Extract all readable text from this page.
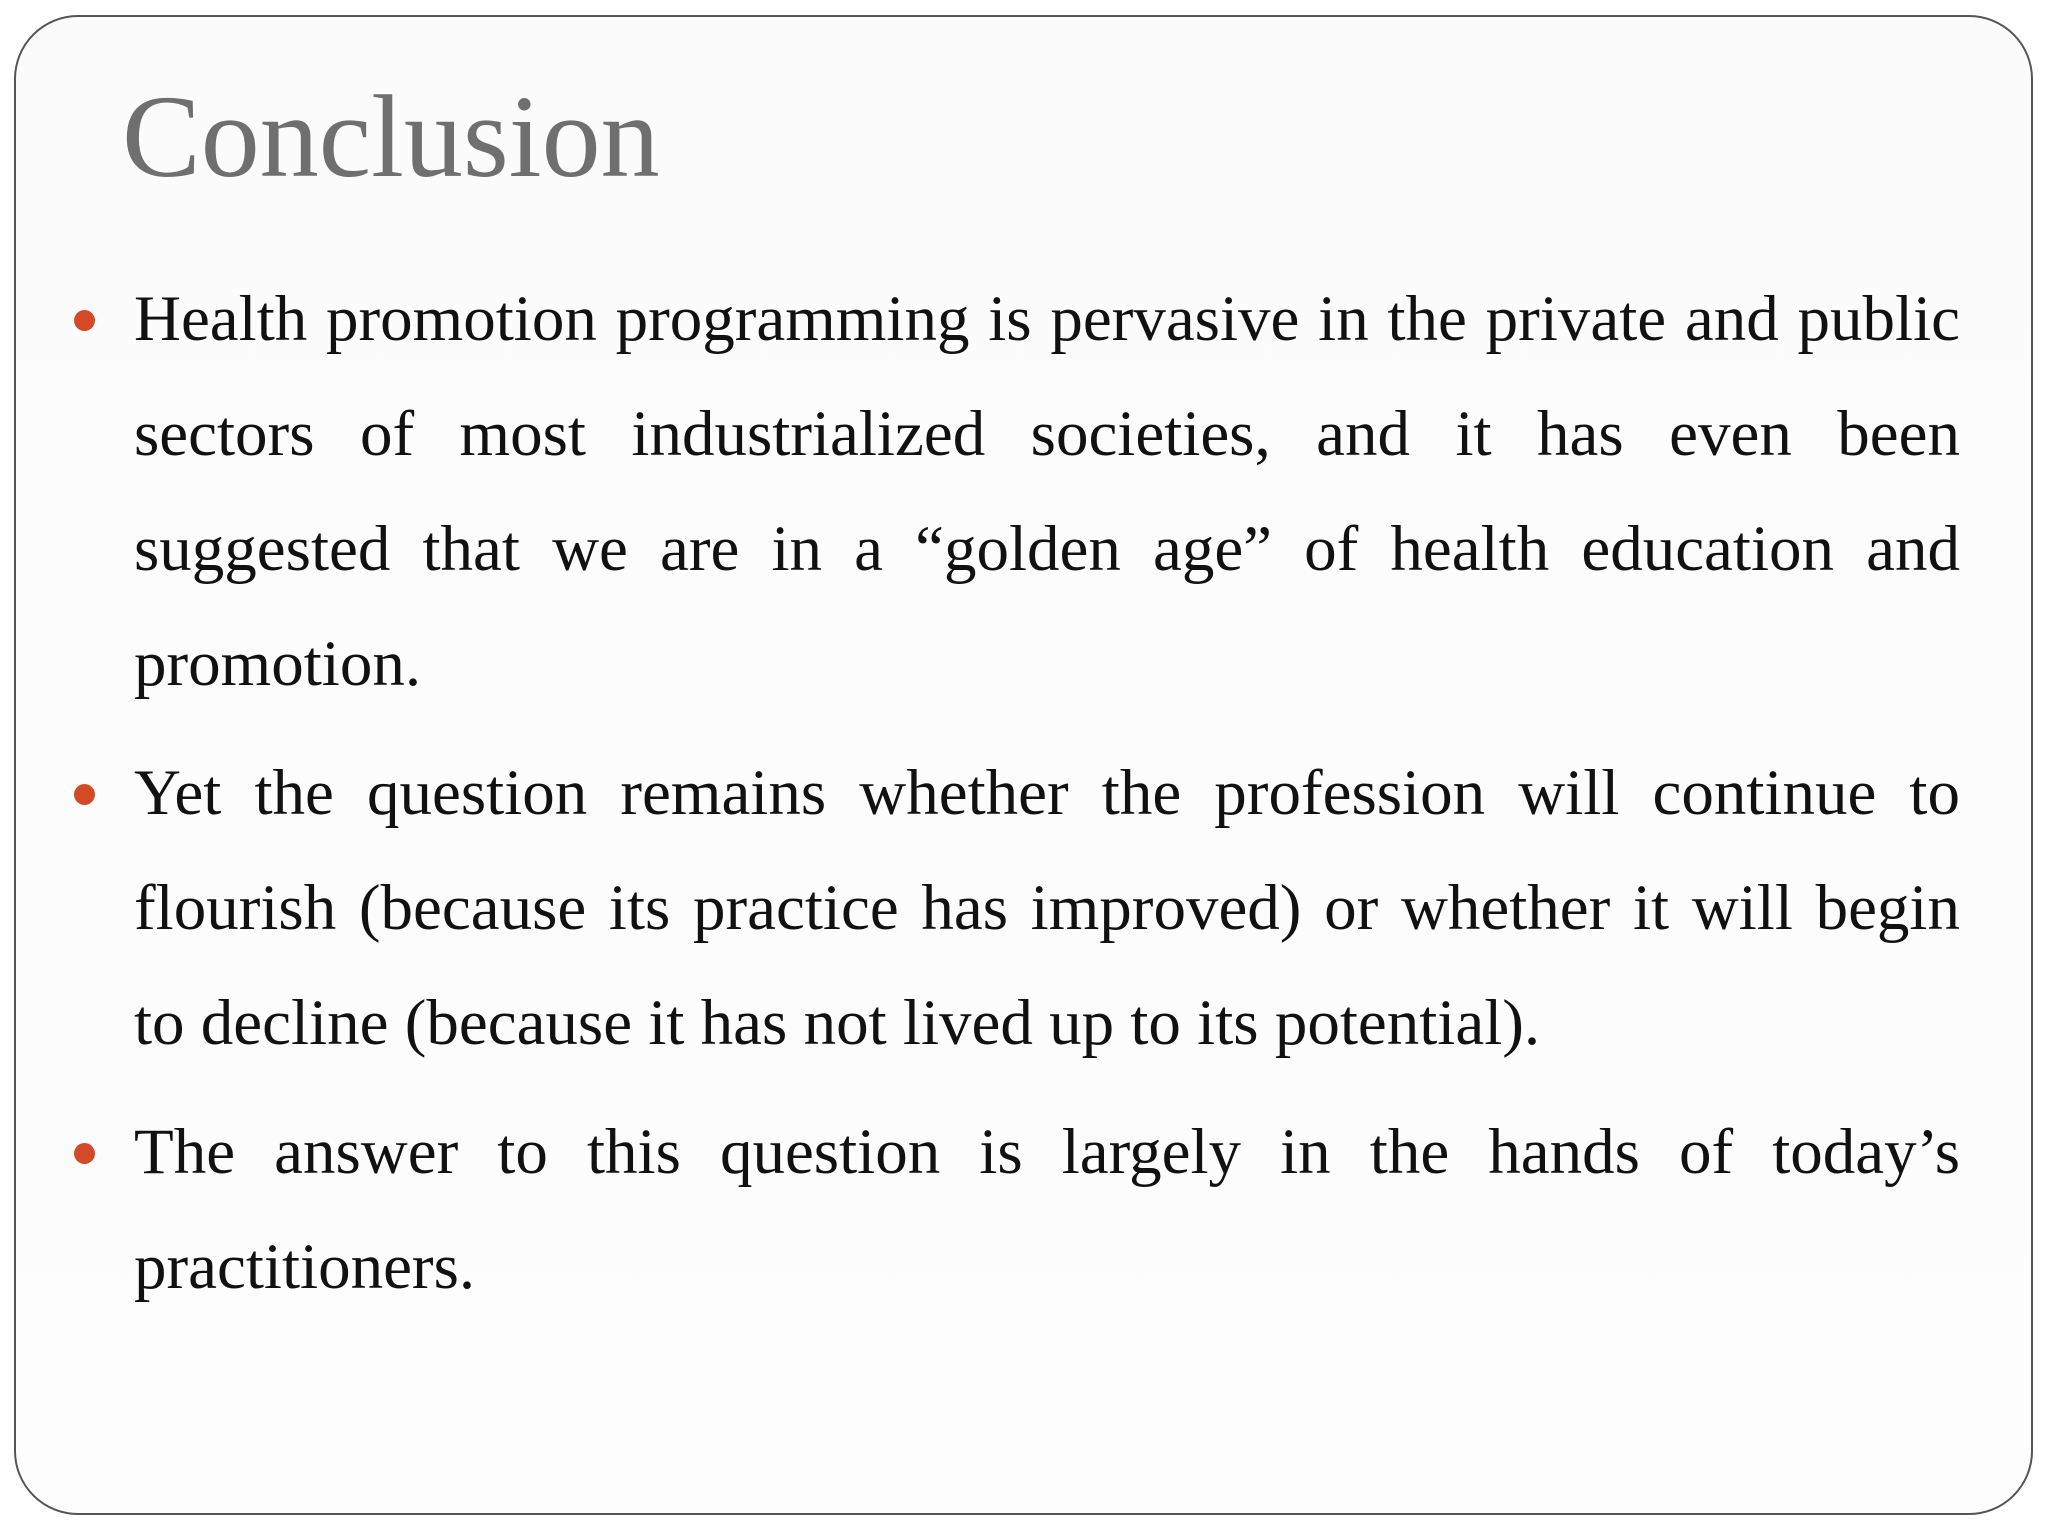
Conclusion
Health promotion programming is pervasive in the private and public sectors of most industrialized societies, and it has even been suggested that we are in a “golden age” of health education and promotion.
Yet the question remains whether the profession will continue to flourish (because its practice has improved) or whether it will begin to decline (because it has not lived up to its potential).
The answer to this question is largely in the hands of today’s practitioners.
